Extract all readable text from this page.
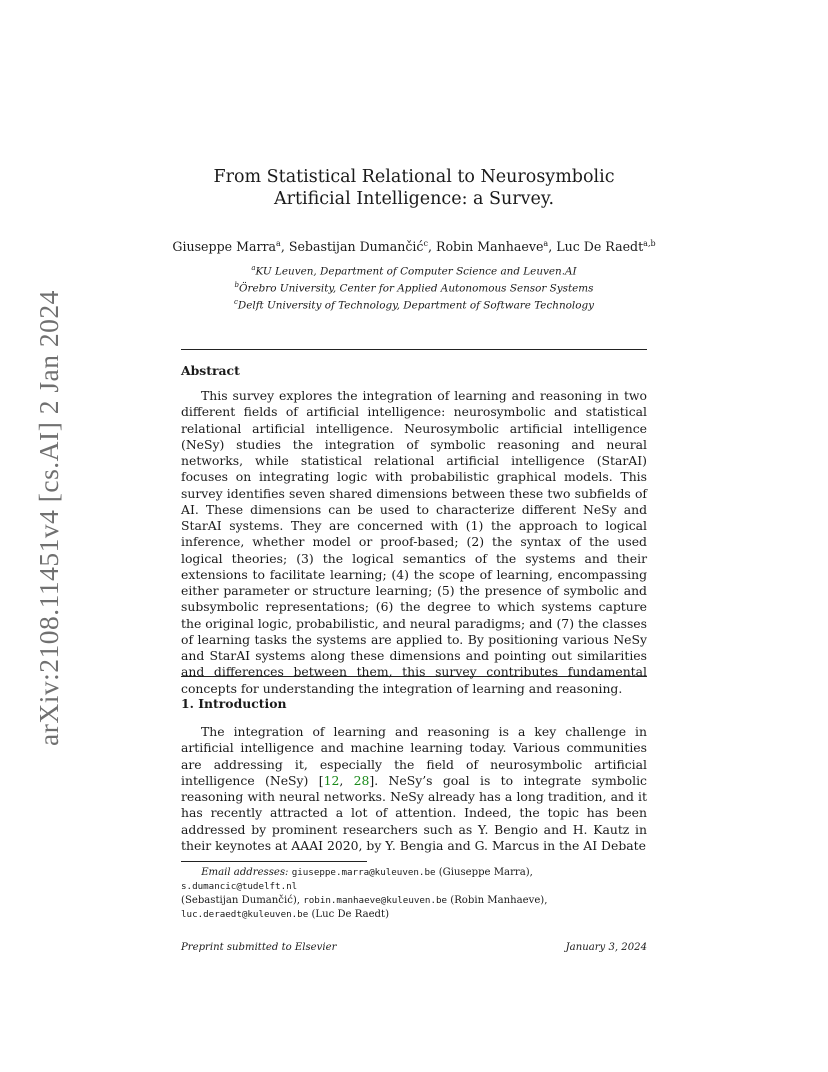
arXiv:2108.11451v4 [cs.AI] 2 Jan 2024
From Statistical Relational to Neurosymbolic
Artificial Intelligence: a Survey.
Giuseppe Marra$^a$, Sebastijan Dumančić$^c$, Robin Manhaeve$^a$, Luc De Raedt$^{a,b}$
$^a$KU Leuven, Department of Computer Science and Leuven.AI
$^b$Örebro University, Center for Applied Autonomous Sensor Systems
$^c$Delft University of Technology, Department of Software Technology
Abstract

This survey explores the integration of learning and reasoning in two different fields of artificial intelligence: neurosymbolic and statistical relational artificial intelligence. Neurosymbolic artificial intelligence (NeSy) studies the integration of symbolic reasoning and neural networks, while statistical relational artificial intelligence (StarAI) focuses on integrating logic with probabilistic graphical models. This survey identifies seven shared dimensions between these two subfields of AI. These dimensions can be used to characterize different NeSy and StarAI systems. They are concerned with (1) the approach to logical inference, whether model or proof-based; (2) the syntax of the used logical theories; (3) the logical semantics of the systems and their extensions to facilitate learning; (4) the scope of learning, encompassing either parameter or structure learning; (5) the presence of symbolic and subsymbolic representations; (6) the degree to which systems capture the original logic, probabilistic, and neural paradigms; and (7) the classes of learning tasks the systems are applied to. By positioning various NeSy and StarAI systems along these dimensions and pointing out similarities and differences between them, this survey contributes fundamental concepts for understanding the integration of learning and reasoning.

1. Introduction

The integration of learning and reasoning is a key challenge in artificial intelligence and machine learning today. Various communities are addressing it, especially the field of neurosymbolic artificial intelligence (NeSy) [12, 28]. NeSy’s goal is to integrate symbolic reasoning with neural networks. NeSy already has a long tradition, and it has recently attracted a lot of attention. Indeed, the topic has been addressed by prominent researchers such as Y. Bengio and H. Kautz in their keynotes at AAAI 2020, by Y. Bengia and G. Marcus in the AI Debate

  Email addresses: giuseppe.marra@kuleuven.be (Giuseppe Marra), s.dumancic@tudelft.nl
(Sebastijan Dumančić), robin.manhaeve@kuleuven.be (Robin Manhaeve),
luc.deraedt@kuleuven.be (Luc De Raedt)

Preprint submitted to Elsevier	January 3, 2024
